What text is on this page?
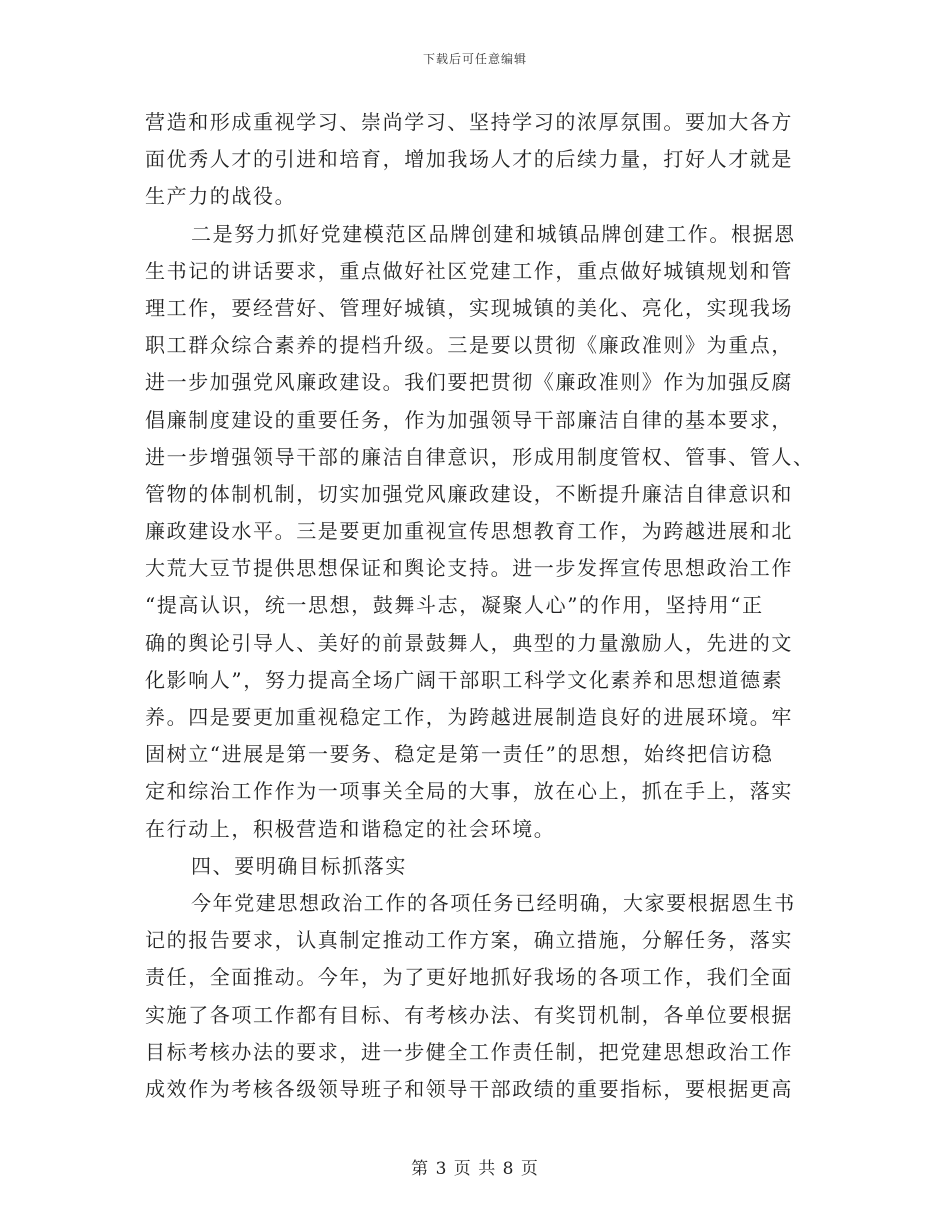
下载后可任意编辑
营造和形成重视学习、崇尚学习、坚持学习的浓厚氛围。要加大各方
面优秀人才的引进和培育，增加我场人才的后续力量，打好人才就是
生产力的战役。
二是努力抓好党建模范区品牌创建和城镇品牌创建工作。根据恩
生书记的讲话要求，重点做好社区党建工作，重点做好城镇规划和管
理工作，要经营好、管理好城镇，实现城镇的美化、亮化，实现我场
职工群众综合素养的提档升级。三是要以贯彻《廉政准则》为重点，
进一步加强党风廉政建设。我们要把贯彻《廉政准则》作为加强反腐
倡廉制度建设的重要任务，作为加强领导干部廉洁自律的基本要求，
进一步增强领导干部的廉洁自律意识，形成用制度管权、管事、管人、
管物的体制机制，切实加强党风廉政建设，不断提升廉洁自律意识和
廉政建设水平。三是要更加重视宣传思想教育工作，为跨越进展和北
大荒大豆节提供思想保证和舆论支持。进一步发挥宣传思想政治工作
“提高认识，统一思想，鼓舞斗志，凝聚人心”的作用，坚持用“正
确的舆论引导人、美好的前景鼓舞人，典型的力量激励人，先进的文
化影响人”，努力提高全场广阔干部职工科学文化素养和思想道德素
养。四是要更加重视稳定工作，为跨越进展制造良好的进展环境。牢
固树立“进展是第一要务、稳定是第一责任”的思想，始终把信访稳
定和综治工作作为一项事关全局的大事，放在心上，抓在手上，落实
在行动上，积极营造和谐稳定的社会环境。
四、要明确目标抓落实
今年党建思想政治工作的各项任务已经明确，大家要根据恩生书
记的报告要求，认真制定推动工作方案，确立措施，分解任务，落实
责任，全面推动。今年，为了更好地抓好我场的各项工作，我们全面
实施了各项工作都有目标、有考核办法、有奖罚机制，各单位要根据
目标考核办法的要求，进一步健全工作责任制，把党建思想政治工作
成效作为考核各级领导班子和领导干部政绩的重要指标，要根据更高
第 3 页 共 8 页
